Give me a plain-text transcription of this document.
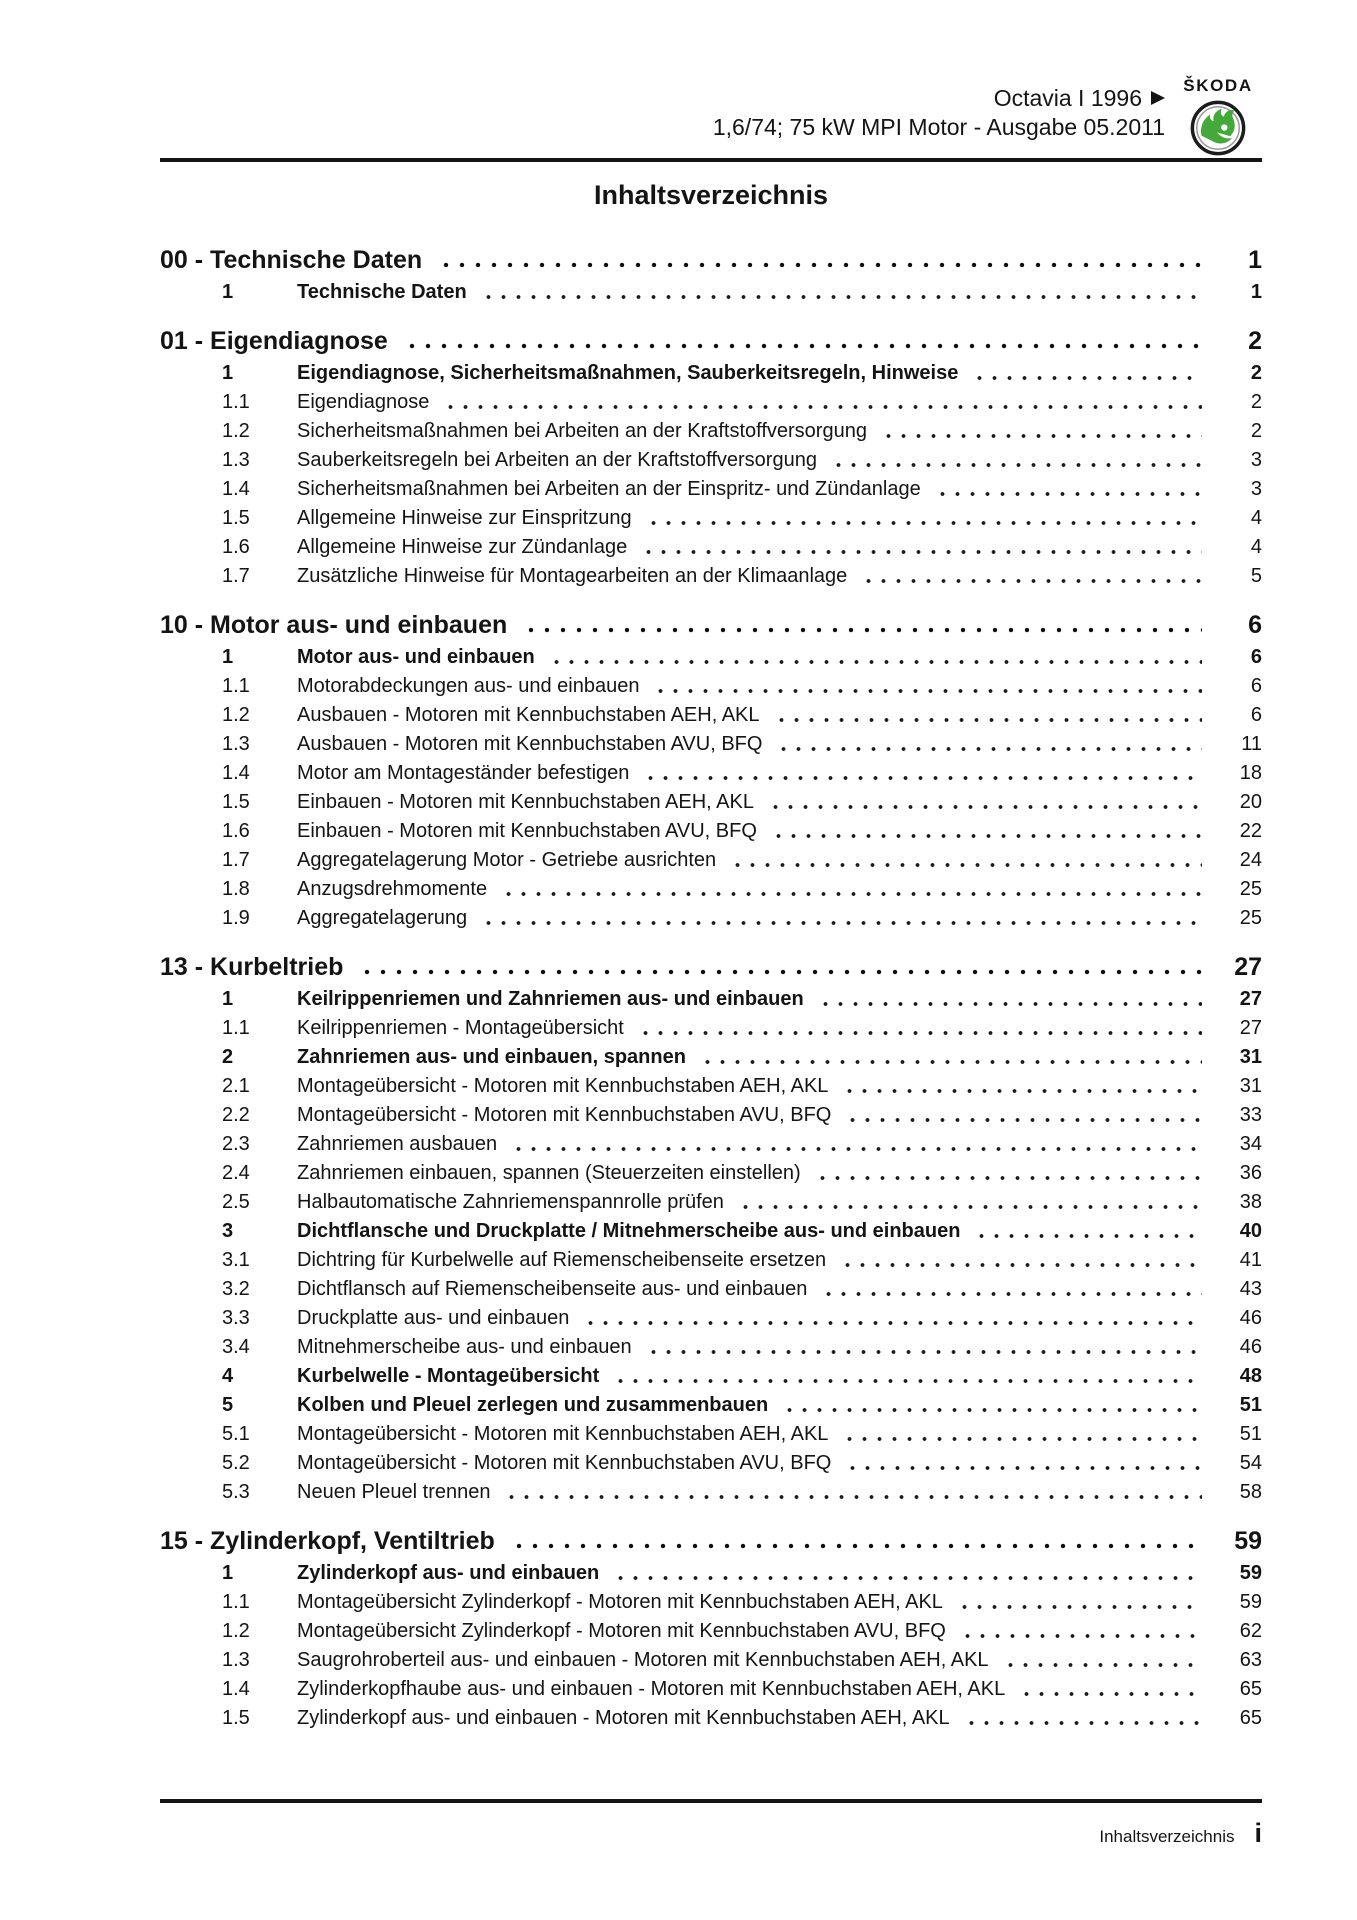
Octavia I 1996
1,6/74; 75 kW MPI Motor - Ausgabe 05.2011
ŠKODA
Inhaltsverzeichnis
00 - Technische Daten	1
1	Technische Daten	1
01 - Eigendiagnose	2
1	Eigendiagnose, Sicherheitsmaßnahmen, Sauberkeitsregeln, Hinweise	2
1.1	Eigendiagnose	2
1.2	Sicherheitsmaßnahmen bei Arbeiten an der Kraftstoffversorgung	2
1.3	Sauberkeitsregeln bei Arbeiten an der Kraftstoffversorgung	3
1.4	Sicherheitsmaßnahmen bei Arbeiten an der Einspritz- und Zündanlage	3
1.5	Allgemeine Hinweise zur Einspritzung	4
1.6	Allgemeine Hinweise zur Zündanlage	4
1.7	Zusätzliche Hinweise für Montagearbeiten an der Klimaanlage	5
10 - Motor aus- und einbauen	6
1	Motor aus- und einbauen	6
1.1	Motorabdeckungen aus- und einbauen	6
1.2	Ausbauen - Motoren mit Kennbuchstaben AEH, AKL	6
1.3	Ausbauen - Motoren mit Kennbuchstaben AVU, BFQ	11
1.4	Motor am Montageständer befestigen	18
1.5	Einbauen - Motoren mit Kennbuchstaben AEH, AKL	20
1.6	Einbauen - Motoren mit Kennbuchstaben AVU, BFQ	22
1.7	Aggregatelagerung Motor - Getriebe ausrichten	24
1.8	Anzugsdrehmomente	25
1.9	Aggregatelagerung	25
13 - Kurbeltrieb	27
1	Keilrippenriemen und Zahnriemen aus- und einbauen	27
1.1	Keilrippenriemen - Montageübersicht	27
2	Zahnriemen aus- und einbauen, spannen	31
2.1	Montageübersicht - Motoren mit Kennbuchstaben AEH, AKL	31
2.2	Montageübersicht - Motoren mit Kennbuchstaben AVU, BFQ	33
2.3	Zahnriemen ausbauen	34
2.4	Zahnriemen einbauen, spannen (Steuerzeiten einstellen)	36
2.5	Halbautomatische Zahnriemenspannrolle prüfen	38
3	Dichtflansche und Druckplatte / Mitnehmerscheibe aus- und einbauen	40
3.1	Dichtring für Kurbelwelle auf Riemenscheibenseite ersetzen	41
3.2	Dichtflansch auf Riemenscheibenseite aus- und einbauen	43
3.3	Druckplatte aus- und einbauen	46
3.4	Mitnehmerscheibe aus- und einbauen	46
4	Kurbelwelle - Montageübersicht	48
5	Kolben und Pleuel zerlegen und zusammenbauen	51
5.1	Montageübersicht - Motoren mit Kennbuchstaben AEH, AKL	51
5.2	Montageübersicht - Motoren mit Kennbuchstaben AVU, BFQ	54
5.3	Neuen Pleuel trennen	58
15 - Zylinderkopf, Ventiltrieb	59
1	Zylinderkopf aus- und einbauen	59
1.1	Montageübersicht Zylinderkopf - Motoren mit Kennbuchstaben AEH, AKL	59
1.2	Montageübersicht Zylinderkopf - Motoren mit Kennbuchstaben AVU, BFQ	62
1.3	Saugrohroberteil aus- und einbauen - Motoren mit Kennbuchstaben AEH, AKL	63
1.4	Zylinderkopfhaube aus- und einbauen - Motoren mit Kennbuchstaben AEH, AKL	65
1.5	Zylinderkopf aus- und einbauen - Motoren mit Kennbuchstaben AEH, AKL	65
Inhaltsverzeichnis i
